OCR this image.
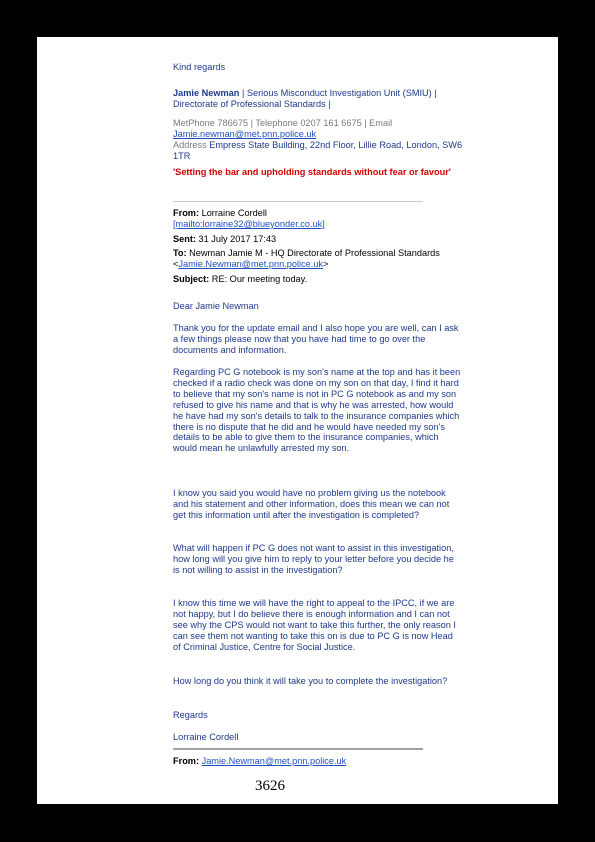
Kind regards

Jamie Newman | Serious Misconduct Investigation Unit (SMIU) | Directorate of Professional Standards |

MetPhone 786675 | Telephone 0207 161 6675 | Email

Jamie.newman@met.pnn.police.uk

Address Empress State Building, 22nd Floor, Lillie Road, London, SW6 1TR

'Setting the bar and upholding standards without fear or favour'

From: Lorraine Cordell

[mailto:lorraine32@blueyonder.co.uk]

Sent: 31 July 2017 17:43

To: Newman Jamie M - HQ Directorate of Professional Standards <Jamie.Newman@met.pnn.police.uk>

Subject: RE: Our meeting today.

Dear Jamie Newman

Thank you for the update email and I also hope you are well, can I ask a few things please now that you have had time to go over the documents and information.

Regarding PC G notebook is my son's name at the top and has it been checked if a radio check was done on my son on that day, I find it hard to believe that my son's name is not in PC G notebook as and my son refused to give his name and that is why he was arrested, how would he have had my son's details to talk to the insurance companies which there is no dispute that he did and he would have needed my son's details to be able to give them to the insurance companies, which would mean he unlawfully arrested my son.

I know you said you would have no problem giving us the notebook and his statement and other information, does this mean we can not get this information until after the investigation is completed?

What will happen if PC G does not want to assist in this investigation, how long will you give him to reply to your letter before you decide he is not willing to assist in the investigation?

I know this time we will have the right to appeal to the IPCC, if we are not happy, but I do believe there is enough information and I can not see why the CPS would not want to take this further, the only reason I can see them not wanting to take this on is due to PC G is now Head of Criminal Justice, Centre for Social Justice.

How long do you think it will take you to complete the investigation?

Regards

Lorraine Cordell

From: Jamie.Newman@met.pnn.police.uk

3626
